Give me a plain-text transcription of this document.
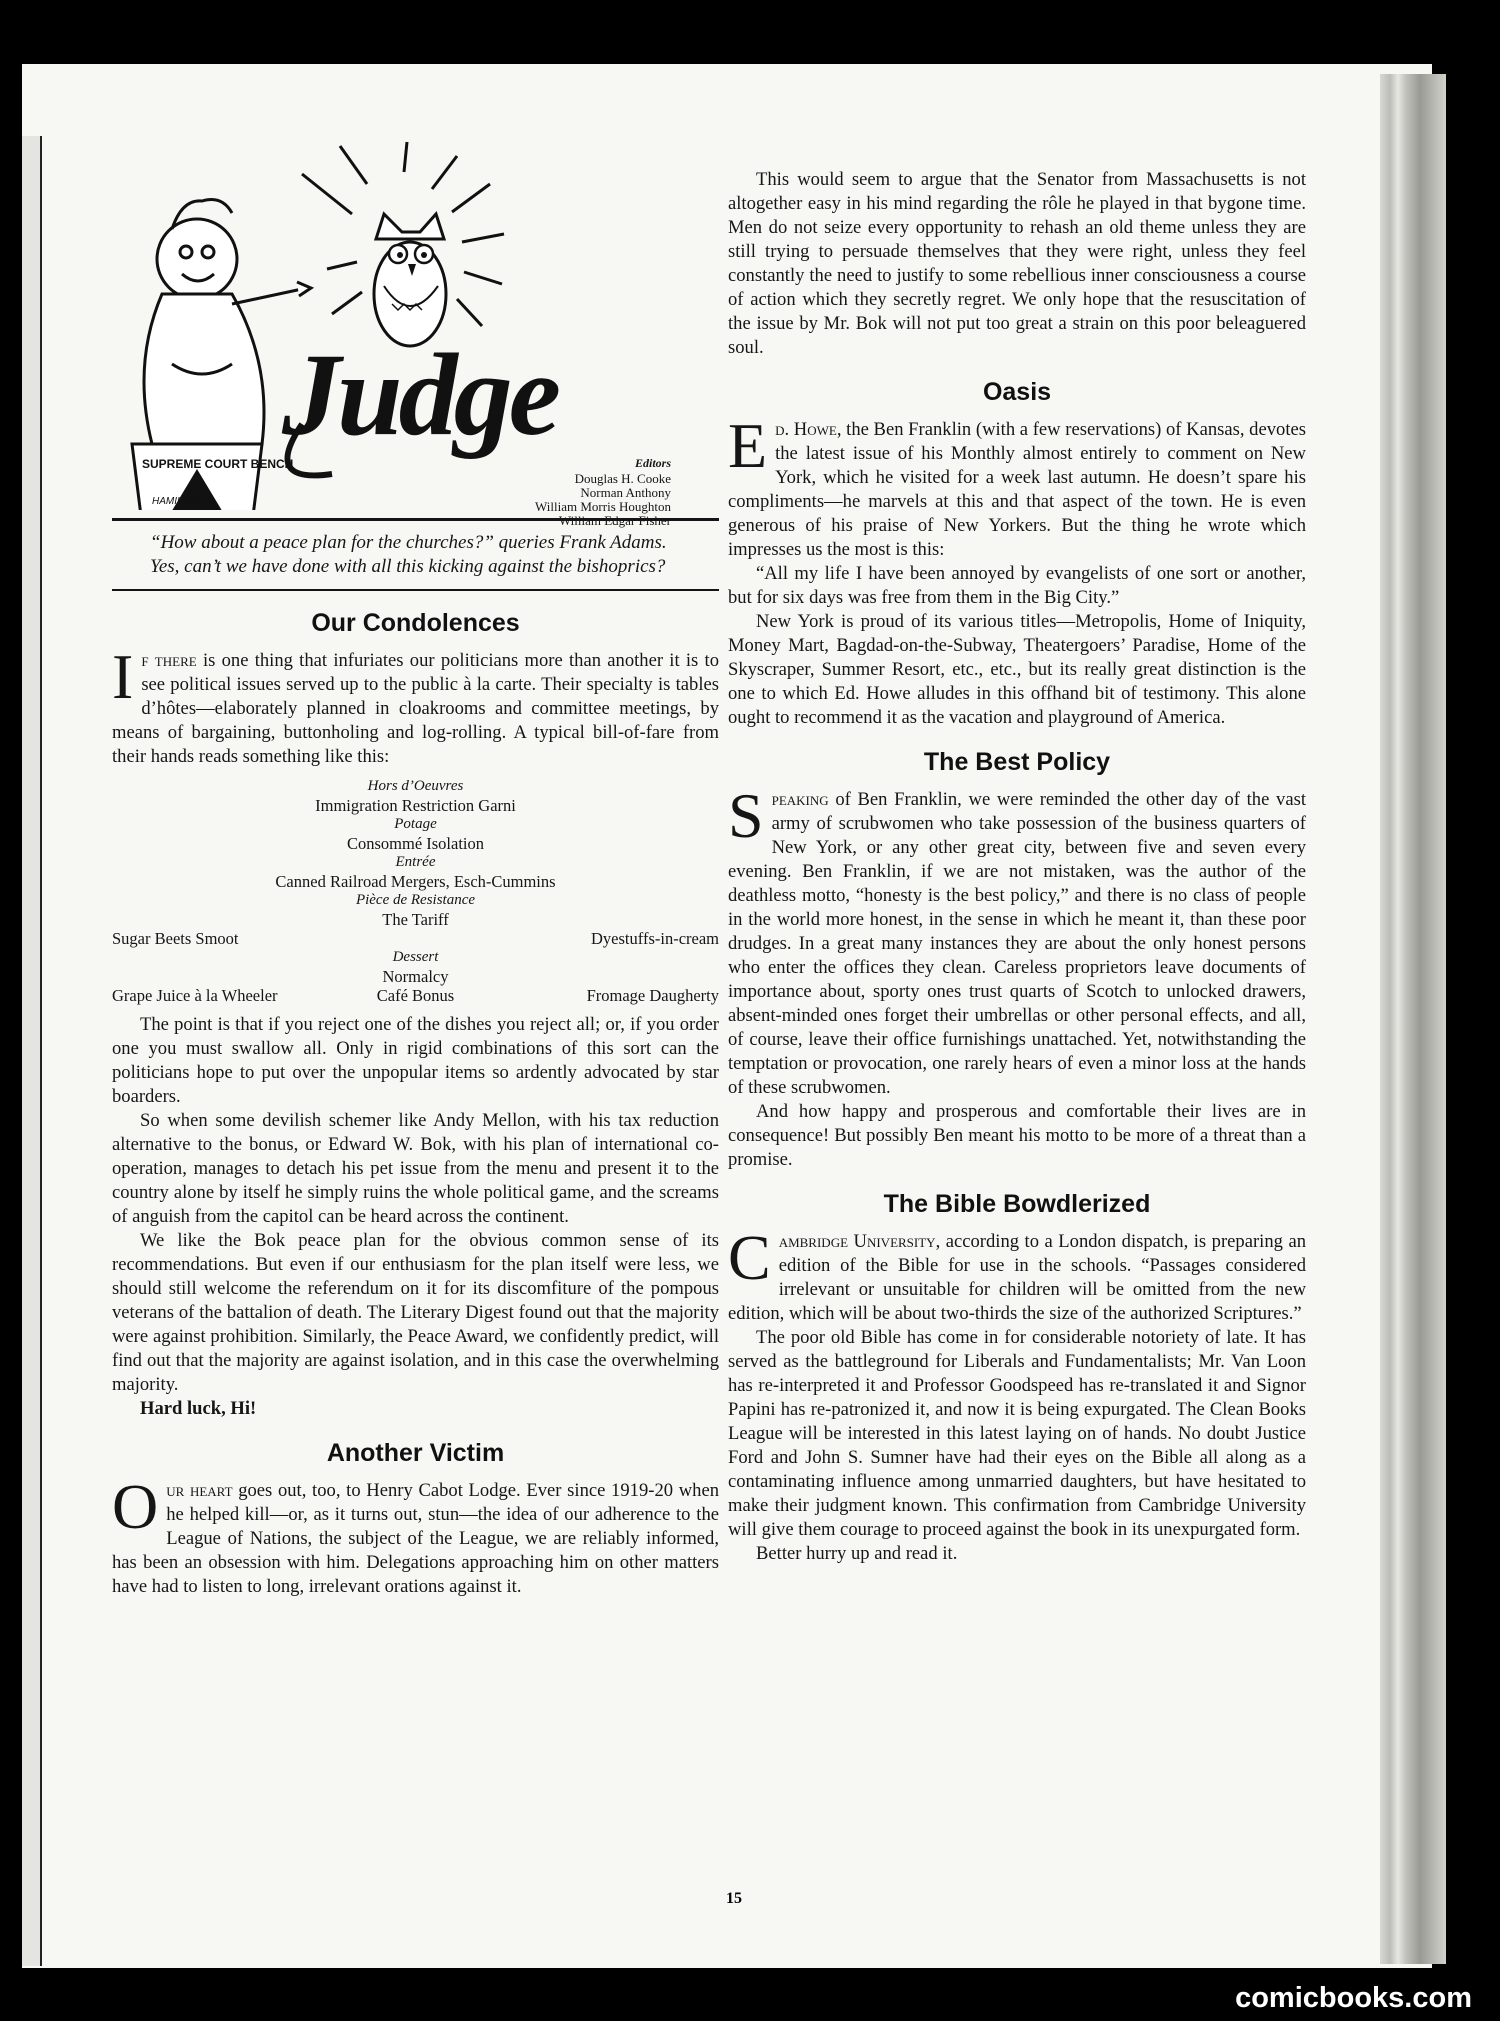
SUPREME COURT BENCH
Judge
HAMILTON
Editors
Douglas H. Cooke
Norman Anthony
William Morris Houghton
William Edgar Fisher

“How about a peace plan for the churches?” queries Frank Adams.

Yes, can’t we have done with all this kicking against the bishoprics?

Our Condolences

If there is one thing that infuriates our politicians more than another it is to see political issues served up to the public à la carte. Their specialty is tables d’hôtes—elaborately planned in cloakrooms and committee meetings, by means of bargaining, buttonholing and log-rolling. A typical bill-of-fare from their hands reads something like this:

Hors d’Oeuvres
Immigration Restriction Garni
Potage
Consommé Isolation
Entrée
Canned Railroad Mergers, Esch-Cummins
Pièce de Resistance
The Tariff
Sugar Beets Smoot	Dyestuffs-in-cream
Dessert
Normalcy
Grape Juice à la Wheeler	Café Bonus	Fromage Daugherty

The point is that if you reject one of the dishes you reject all; or, if you order one you must swallow all. Only in rigid combinations of this sort can the politicians hope to put over the unpopular items so ardently advocated by star boarders.

So when some devilish schemer like Andy Mellon, with his tax reduction alternative to the bonus, or Edward W. Bok, with his plan of international co-operation, manages to detach his pet issue from the menu and present it to the country alone by itself he simply ruins the whole political game, and the screams of anguish from the capitol can be heard across the continent.

We like the Bok peace plan for the obvious common sense of its recommendations. But even if our enthusiasm for the plan itself were less, we should still welcome the referendum on it for its discomfiture of the pompous veterans of the battalion of death. The Literary Digest found out that the majority were against prohibition. Similarly, the Peace Award, we confidently predict, will find out that the majority are against isolation, and in this case the overwhelming majority.

Hard luck, Hi!

Another Victim

Our heart goes out, too, to Henry Cabot Lodge. Ever since 1919-20 when he helped kill—or, as it turns out, stun—the idea of our adherence to the League of Nations, the subject of the League, we are reliably informed, has been an obsession with him. Delegations approaching him on other matters have had to listen to long, irrelevant orations against it.

This would seem to argue that the Senator from Massachusetts is not altogether easy in his mind regarding the rôle he played in that bygone time. Men do not seize every opportunity to rehash an old theme unless they are still trying to persuade themselves that they were right, unless they feel constantly the need to justify to some rebellious inner consciousness a course of action which they secretly regret. We only hope that the resuscitation of the issue by Mr. Bok will not put too great a strain on this poor beleaguered soul.

Oasis

Ed. Howe, the Ben Franklin (with a few reservations) of Kansas, devotes the latest issue of his Monthly almost entirely to comment on New York, which he visited for a week last autumn. He doesn’t spare his compliments—he marvels at this and that aspect of the town. He is even generous of his praise of New Yorkers. But the thing he wrote which impresses us the most is this:

“All my life I have been annoyed by evangelists of one sort or another, but for six days was free from them in the Big City.”

New York is proud of its various titles—Metropolis, Home of Iniquity, Money Mart, Bagdad-on-the-Subway, Theatergoers’ Paradise, Home of the Skyscraper, Summer Resort, etc., etc., but its really great distinction is the one to which Ed. Howe alludes in this offhand bit of testimony. This alone ought to recommend it as the vacation and playground of America.

The Best Policy

Speaking of Ben Franklin, we were reminded the other day of the vast army of scrubwomen who take possession of the business quarters of New York, or any other great city, between five and seven every evening. Ben Franklin, if we are not mistaken, was the author of the deathless motto, “honesty is the best policy,” and there is no class of people in the world more honest, in the sense in which he meant it, than these poor drudges. In a great many instances they are about the only honest persons who enter the offices they clean. Careless proprietors leave documents of importance about, sporty ones trust quarts of Scotch to unlocked drawers, absent-minded ones forget their umbrellas or other personal effects, and all, of course, leave their office furnishings unattached. Yet, notwithstanding the temptation or provocation, one rarely hears of even a minor loss at the hands of these scrubwomen.

And how happy and prosperous and comfortable their lives are in consequence! But possibly Ben meant his motto to be more of a threat than a promise.

The Bible Bowdlerized

Cambridge University, according to a London dispatch, is preparing an edition of the Bible for use in the schools. “Passages considered irrelevant or unsuitable for children will be omitted from the new edition, which will be about two-thirds the size of the authorized Scriptures.”

The poor old Bible has come in for considerable notoriety of late. It has served as the battleground for Liberals and Fundamentalists; Mr. Van Loon has re-interpreted it and Professor Goodspeed has re-translated it and Signor Papini has re-patronized it, and now it is being expurgated. The Clean Books League will be interested in this latest laying on of hands. No doubt Justice Ford and John S. Sumner have had their eyes on the Bible all along as a contaminating influence among unmarried daughters, but have hesitated to make their judgment known. This confirmation from Cambridge University will give them courage to proceed against the book in its unexpurgated form.

Better hurry up and read it.

15
comicbooks.com
